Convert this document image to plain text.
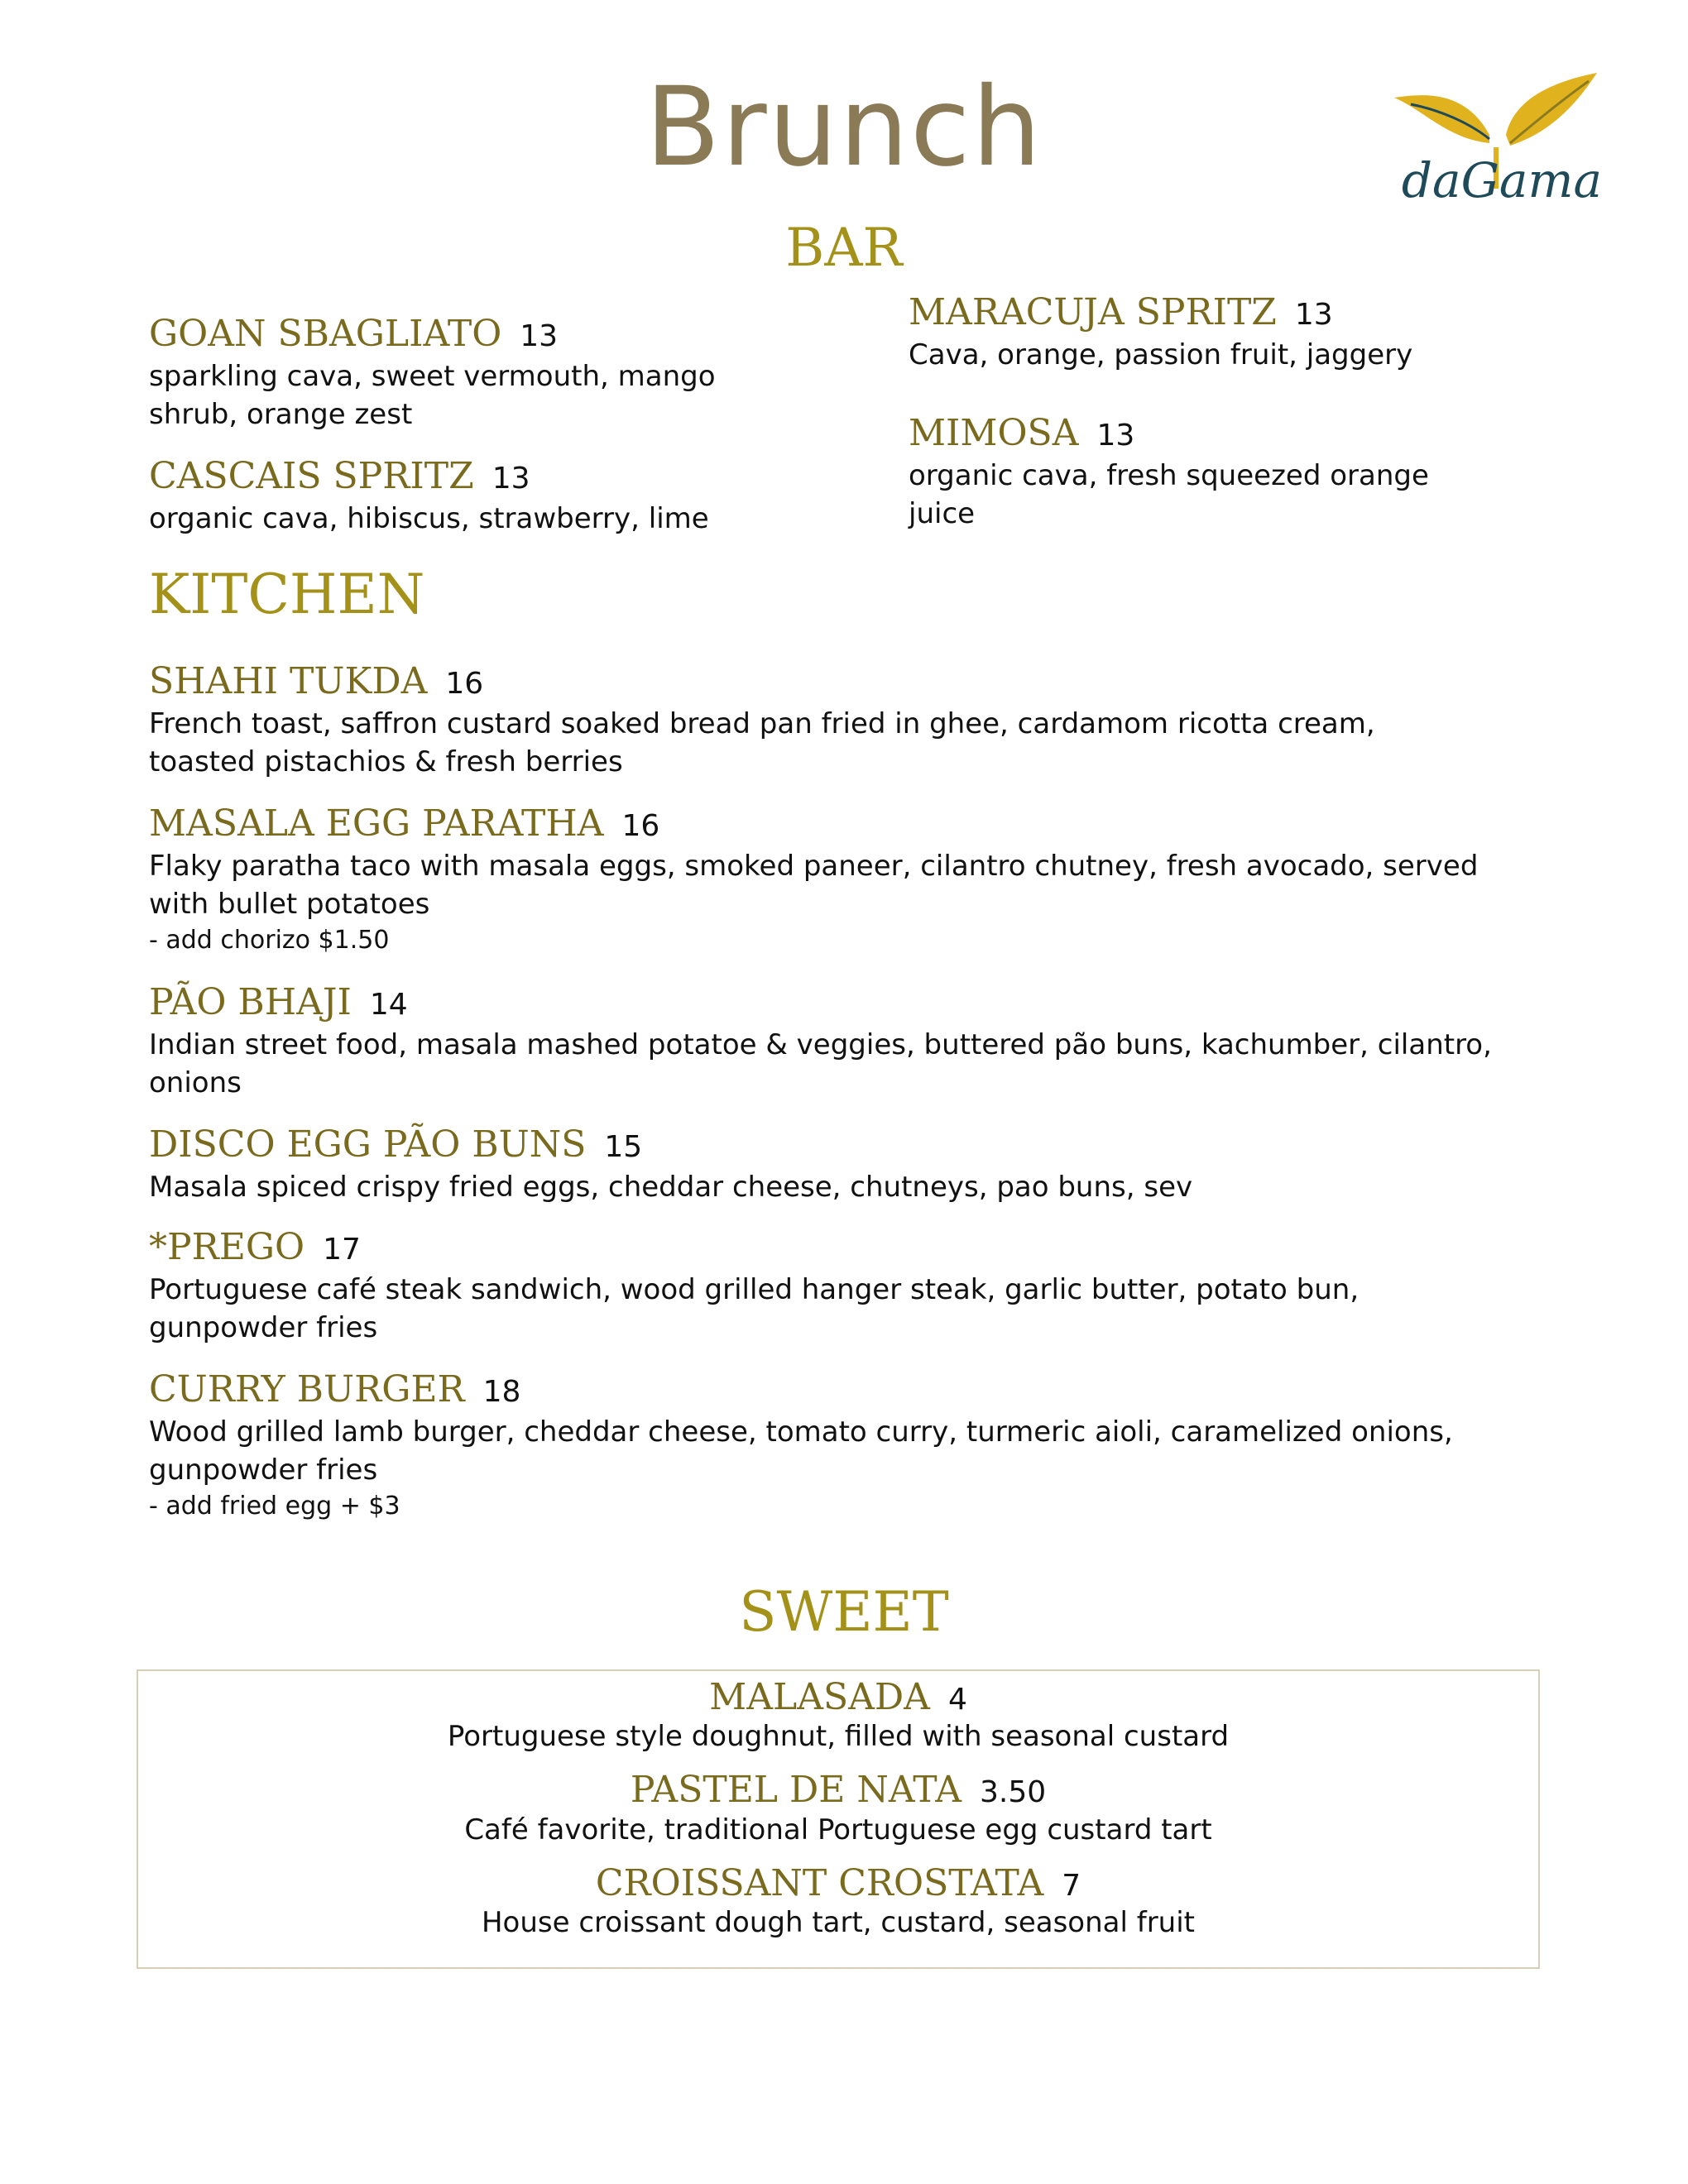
Brunch	daGama
BAR
GOAN SBAGLIATO 13
sparkling cava, sweet vermouth, mango
shrub, orange zest
CASCAIS SPRITZ 13
organic cava, hibiscus, strawberry, lime
MARACUJA SPRITZ 13
Cava, orange, passion fruit, jaggery
MIMOSA 13
organic cava, fresh squeezed orange
juice
KITCHEN
SHAHI TUKDA 16
French toast, saffron custard soaked bread pan fried in ghee, cardamom ricotta cream,
toasted pistachios & fresh berries
MASALA EGG PARATHA 16
Flaky paratha taco with masala eggs, smoked paneer, cilantro chutney, fresh avocado, served
with bullet potatoes
- add chorizo $1.50
PÃO BHAJI 14
Indian street food, masala mashed potatoe & veggies, buttered pão buns, kachumber, cilantro,
onions
DISCO EGG PÃO BUNS 15
Masala spiced crispy fried eggs, cheddar cheese, chutneys, pao buns, sev
*PREGO 17
Portuguese café steak sandwich, wood grilled hanger steak, garlic butter, potato bun,
gunpowder fries
CURRY BURGER 18
Wood grilled lamb burger, cheddar cheese, tomato curry, turmeric aioli, caramelized onions,
gunpowder fries
- add fried egg + $3
SWEET
MALASADA 4
Portuguese style doughnut, filled with seasonal custard
PASTEL DE NATA 3.50
Café favorite, traditional Portuguese egg custard tart
CROISSANT CROSTATA 7
House croissant dough tart, custard, seasonal fruit
